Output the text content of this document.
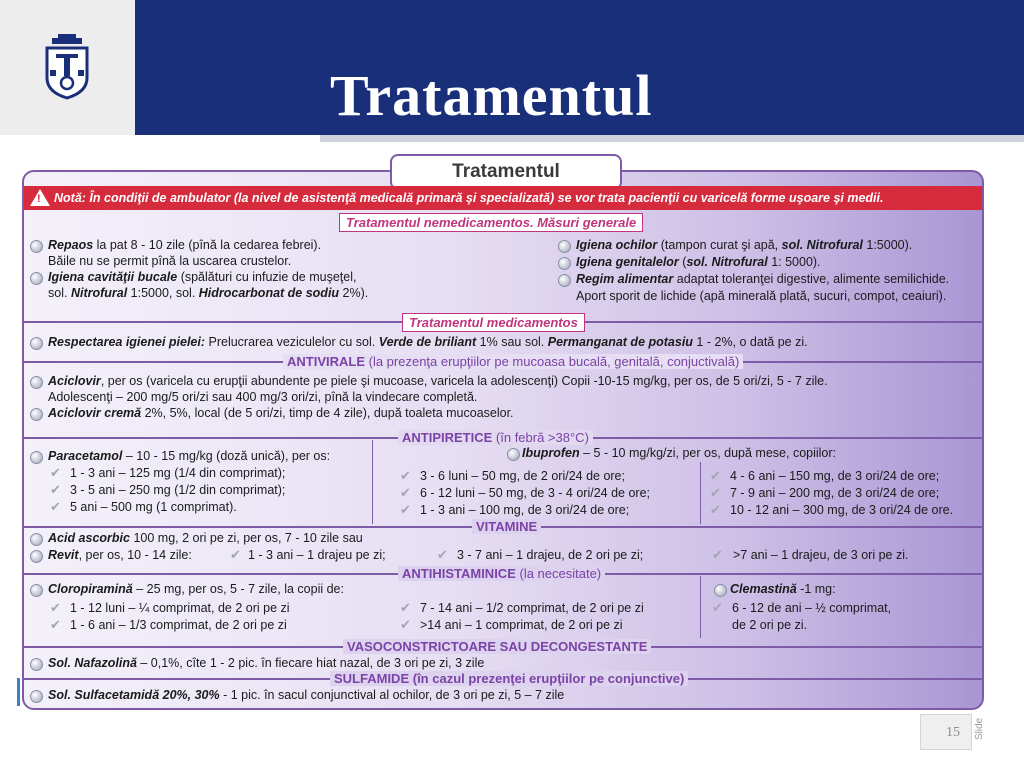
Tratamentul
Tratamentul
Notă: În condiţii de ambulator (la nivel de asistenţă medicală primară şi specializată) se vor trata pacienţii cu varicelă forme uşoare şi medii.
!
Tratamentul nemedicamentos. Măsuri generale
Repaos la pat 8 - 10 zile (pînă la cedarea febrei).
Băile nu se permit pînă la uscarea crustelor.
Igiena cavităţii bucale (spălături cu infuzie de muşeţel,
sol. Nitrofural 1:5000, sol. Hidrocarbonat de sodiu 2%).
Igiena ochilor (tampon curat şi apă, sol. Nitrofural 1:5000).
Igiena genitalelor (sol. Nitrofural 1: 5000).
Regim alimentar adaptat toleranţei digestive, alimente semilichide.
Aport sporit de lichide (apă minerală plată, sucuri, compot, ceaiuri).
Tratamentul medicamentos
Respectarea igienei pielei: Prelucrarea veziculelor cu sol. Verde de briliant 1% sau sol. Permanganat de potasiu 1 - 2%, o dată pe zi.
ANTIVIRALE (la prezenţa erupţiilor pe mucoasa bucală, genitală, conjuctivală)
Aciclovir, per os (varicela cu erupţii abundente pe piele şi mucoase, varicela la adolescenţi) Copii -10-15 mg/kg, per os, de 5 ori/zi, 5 - 7 zile.
Adolescenţi – 200 mg/5 ori/zi sau 400 mg/3 ori/zi, pînă la vindecare completă.
Aciclovir cremă 2%, 5%, local (de 5 ori/zi, timp de 4 zile), după toaleta mucoaselor.
ANTIPIRETICE (în febră >38°C)
Paracetamol – 10 - 15 mg/kg (doză unică), per os:
✔ 1 - 3 ani – 125 mg (1/4 din comprimat);
✔ 3 - 5 ani – 250 mg (1/2 din comprimat);
✔ 5 ani – 500 mg (1 comprimat).
Ibuprofen – 5 - 10 mg/kg/zi, per os, după mese, copiilor:
✔ 3 - 6 luni – 50 mg, de 2 ori/24 de ore;
✔ 6 - 12 luni – 50 mg, de 3 - 4 ori/24 de ore;
✔ 1 - 3 ani – 100 mg, de 3 ori/24 de ore;
✔ 4 - 6 ani – 150 mg, de 3 ori/24 de ore;
✔ 7 - 9 ani – 200 mg, de 3 ori/24 de ore;
✔ 10 - 12 ani – 300 mg, de 3 ori/24 de ore.
VITAMINE
Acid ascorbic 100 mg, 2 ori pe zi, per os, 7 - 10 zile sau
Revit, per os, 10 - 14 zile:	✔ 1 - 3 ani – 1 drajeu pe zi;	✔ 3 - 7 ani – 1 drajeu, de 2 ori pe zi;	✔ >7 ani – 1 drajeu, de 3 ori pe zi.
ANTIHISTAMINICE (la necesitate)
Cloropiramină – 25 mg, per os, 5 - 7 zile, la copii de:
✔ 1 - 12 luni – ¼ comprimat, de 2 ori pe zi
✔ 1 - 6 ani – 1/3 comprimat, de 2 ori pe zi
✔ 7 - 14 ani – 1/2 comprimat, de 2 ori pe zi
✔ >14 ani – 1 comprimat, de 2 ori pe zi
Clemastină -1 mg:
✔ 6 - 12 de ani – ½ comprimat,
de 2 ori pe zi.
VASOCONSTRICTOARE SAU DECONGESTANTE
Sol. Nafazolină – 0,1%, cîte 1 - 2 pic. în fiecare hiat nazal, de 3 ori pe zi, 3 zile
SULFAMIDE (în cazul prezenţei erupţiilor pe conjunctive)
Sol. Sulfacetamidă 20%, 30% - 1 pic. în sacul conjunctival al ochilor, de 3 ori pe zi, 5 – 7 zile
15 Slide
